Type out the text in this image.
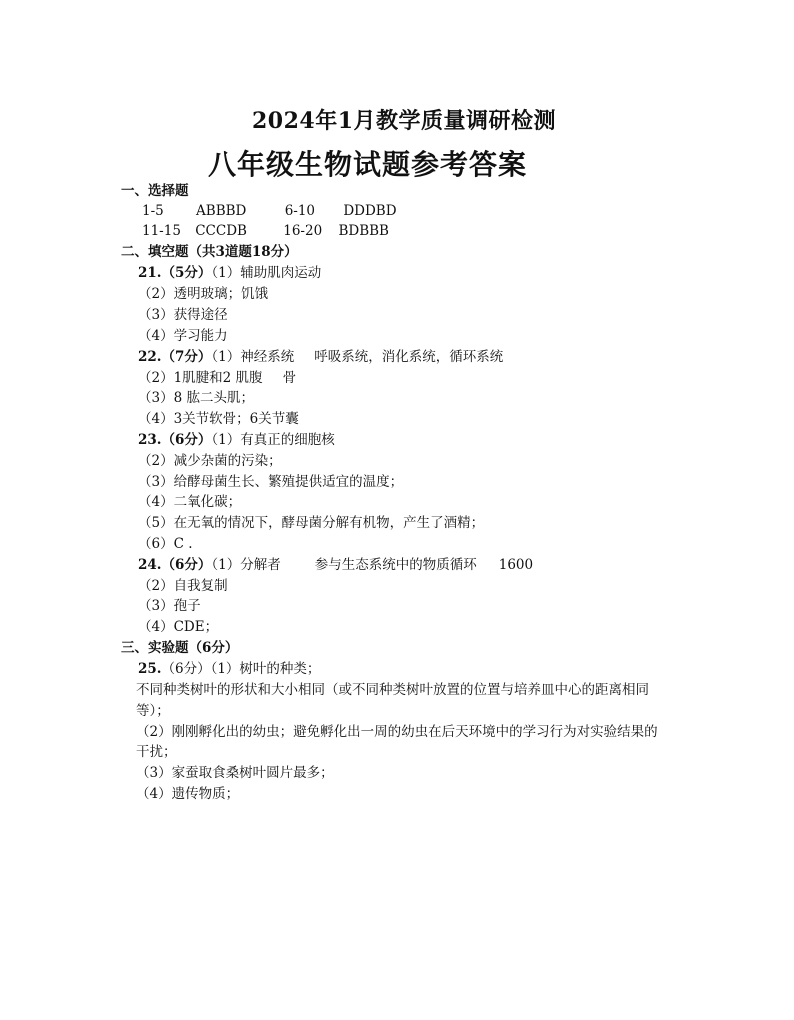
2024年1月教学质量调研检测
八年级生物试题参考答案
一、选择题
1-5 ABBBD	6-10 DDDBD
11-15 CCCDB	16-20 BDBBB
二、填空题（共3道题18分）
21.（5分）（1）辅助肌肉运动
（2）透明玻璃；饥饿
（3）获得途径
（4）学习能力
22.（7分）（1）神经系统 呼吸系统，消化系统，循环系统
（2）1肌腱和2 肌腹 骨
（3）8 肱二头肌；
（4）3关节软骨；6关节囊
23.（6分）（1）有真正的细胞核
（2）减少杂菌的污染；
（3）给酵母菌生长、繁殖提供适宜的温度；
（4）二氧化碳；
（5）在无氧的情况下，酵母菌分解有机物，产生了酒精；
（6）C .
24.（6分）（1）分解者	参与生态系统中的物质循环 1600
（2）自我复制
（3）孢子
（4）CDE；
三、实验题（6分）
25.（6分）（1）树叶的种类；
不同种类树叶的形状和大小相同（或不同种类树叶放置的位置与培养皿中心的距离相同
等）；
（2）刚刚孵化出的幼虫；避免孵化出一周的幼虫在后天环境中的学习行为对实验结果的
干扰；
（3）家蚕取食桑树叶圆片最多；
（4）遗传物质；
